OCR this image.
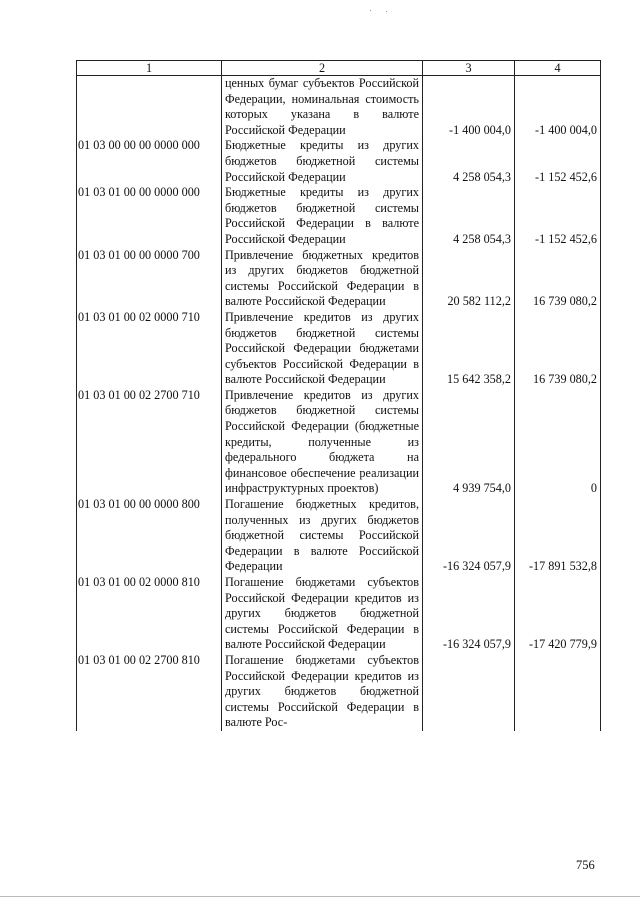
1	2	3	4
	ценных бумаг субъектов Российской Федерации, номинальная стоимость которых указана в валюте Российской Федерации	-1 400 004,0	-1 400 004,0
01 03 00 00 00 0000 000	Бюджетные кредиты из других бюджетов бюджетной системы Российской Федерации	4 258 054,3	-1 152 452,6
01 03 01 00 00 0000 000	Бюджетные кредиты из других бюджетов бюджетной системы Российской Федерации в валюте Российской Федерации	4 258 054,3	-1 152 452,6
01 03 01 00 00 0000 700	Привлечение бюджетных кредитов из других бюджетов бюджетной системы Российской Федерации в валюте Российской Федерации	20 582 112,2	16 739 080,2
01 03 01 00 02 0000 710	Привлечение кредитов из других бюджетов бюджетной системы Российской Федерации бюджетами субъектов Российской Федерации в валюте Российской Федерации	15 642 358,2	16 739 080,2
01 03 01 00 02 2700 710	Привлечение кредитов из других бюджетов бюджетной системы Российской Федерации (бюджетные кредиты, полученные из федерального бюджета на финансовое обеспечение реализации инфраструктурных проектов)	4 939 754,0	0
01 03 01 00 00 0000 800	Погашение бюджетных кредитов, полученных из других бюджетов бюджетной системы Российской Федерации в валюте Российской Федерации	-16 324 057,9	-17 891 532,8
01 03 01 00 02 0000 810	Погашение бюджетами субъектов Российской Федерации кредитов из других бюджетов бюджетной системы Российской Федерации в валюте Российской Федерации	-16 324 057,9	-17 420 779,9
01 03 01 00 02 2700 810	Погашение бюджетами субъектов Российской Федерации кредитов из других бюджетов бюджетной системы Российской Федерации в валюте Рос-		
756
